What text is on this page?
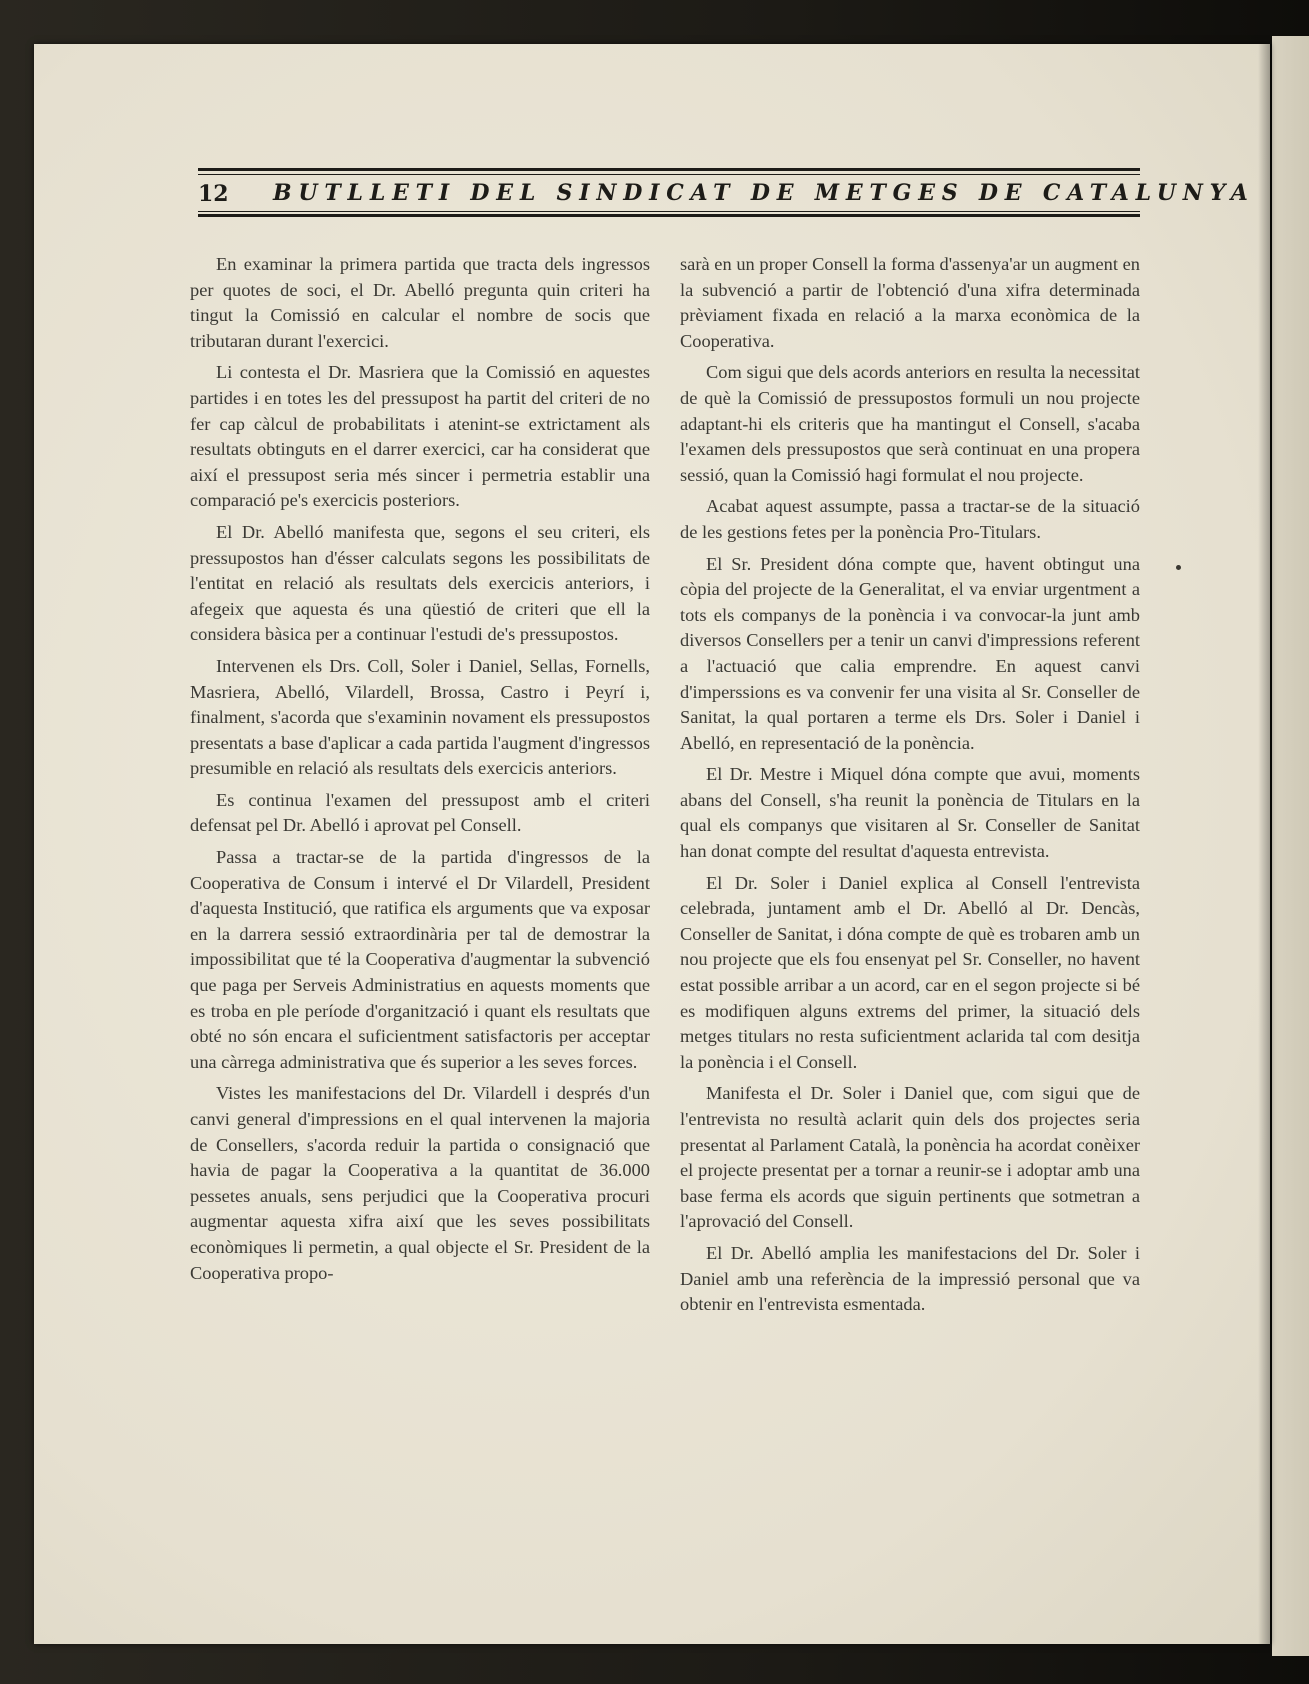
12 BUTLLETI DEL SINDICAT DE METGES DE CATALUNYA

En examinar la primera partida que tracta dels ingressos per quotes de soci, el Dr. Abelló pregunta quin criteri ha tingut la Comissió en calcular el nombre de socis que tributaran durant l'exercici.

Li contesta el Dr. Masriera que la Comissió en aquestes partides i en totes les del pressupost ha partit del criteri de no fer cap càlcul de probabilitats i atenint-se extrictament als resultats obtinguts en el darrer exercici, car ha considerat que així el pressupost seria més sincer i permetria establir una comparació pe's exercicis posteriors.

El Dr. Abelló manifesta que, segons el seu criteri, els pressupostos han d'ésser calculats segons les possibilitats de l'entitat en relació als resultats dels exercicis anteriors, i afegeix que aquesta és una qüestió de criteri que ell la considera bàsica per a continuar l'estudi de's pressupostos.

Intervenen els Drs. Coll, Soler i Daniel, Sellas, Fornells, Masriera, Abelló, Vilardell, Brossa, Castro i Peyrí i, finalment, s'acorda que s'examinin novament els pressupostos presentats a base d'aplicar a cada partida l'augment d'ingressos presumible en relació als resultats dels exercicis anteriors.

Es continua l'examen del pressupost amb el criteri defensat pel Dr. Abelló i aprovat pel Consell.

Passa a tractar-se de la partida d'ingressos de la Cooperativa de Consum i intervé el Dr Vilardell, President d'aquesta Institució, que ratifica els arguments que va exposar en la darrera sessió extraordinària per tal de demostrar la impossibilitat que té la Cooperativa d'augmentar la subvenció que paga per Serveis Administratius en aquests moments que es troba en ple període d'organització i quant els resultats que obté no són encara el suficientment satisfactoris per acceptar una càrrega administrativa que és superior a les seves forces.

Vistes les manifestacions del Dr. Vilardell i després d'un canvi general d'impressions en el qual intervenen la majoria de Consellers, s'acorda reduir la partida o consignació que havia de pagar la Cooperativa a la quantitat de 36.000 pessetes anuals, sens perjudici que la Cooperativa procuri augmentar aquesta xifra així que les seves possibilitats econòmiques li permetin, a qual objecte el Sr. President de la Cooperativa propo-

sarà en un proper Consell la forma d'assenya'ar un augment en la subvenció a partir de l'obtenció d'una xifra determinada prèviament fixada en relació a la marxa econòmica de la Cooperativa.

Com sigui que dels acords anteriors en resulta la necessitat de què la Comissió de pressupostos formuli un nou projecte adaptant-hi els criteris que ha mantingut el Consell, s'acaba l'examen dels pressupostos que serà continuat en una propera sessió, quan la Comissió hagi formulat el nou projecte.

Acabat aquest assumpte, passa a tractar-se de la situació de les gestions fetes per la ponència Pro-Titulars.

El Sr. President dóna compte que, havent obtingut una còpia del projecte de la Generalitat, el va enviar urgentment a tots els companys de la ponència i va convocar-la junt amb diversos Consellers per a tenir un canvi d'impressions referent a l'actuació que calia emprendre. En aquest canvi d'imperssions es va convenir fer una visita al Sr. Conseller de Sanitat, la qual portaren a terme els Drs. Soler i Daniel i Abelló, en representació de la ponència.

El Dr. Mestre i Miquel dóna compte que avui, moments abans del Consell, s'ha reunit la ponència de Titulars en la qual els companys que visitaren al Sr. Conseller de Sanitat han donat compte del resultat d'aquesta entrevista.

El Dr. Soler i Daniel explica al Consell l'entrevista celebrada, juntament amb el Dr. Abelló al Dr. Dencàs, Conseller de Sanitat, i dóna compte de què es trobaren amb un nou projecte que els fou ensenyat pel Sr. Conseller, no havent estat possible arribar a un acord, car en el segon projecte si bé es modifiquen alguns extrems del primer, la situació dels metges titulars no resta suficientment aclarida tal com desitja la ponència i el Consell.

Manifesta el Dr. Soler i Daniel que, com sigui que de l'entrevista no resultà aclarit quin dels dos projectes seria presentat al Parlament Català, la ponència ha acordat conèixer el projecte presentat per a tornar a reunir-se i adoptar amb una base ferma els acords que siguin pertinents que sotmetran a l'aprovació del Consell.

El Dr. Abelló amplia les manifestacions del Dr. Soler i Daniel amb una referència de la impressió personal que va obtenir en l'entrevista esmentada.
